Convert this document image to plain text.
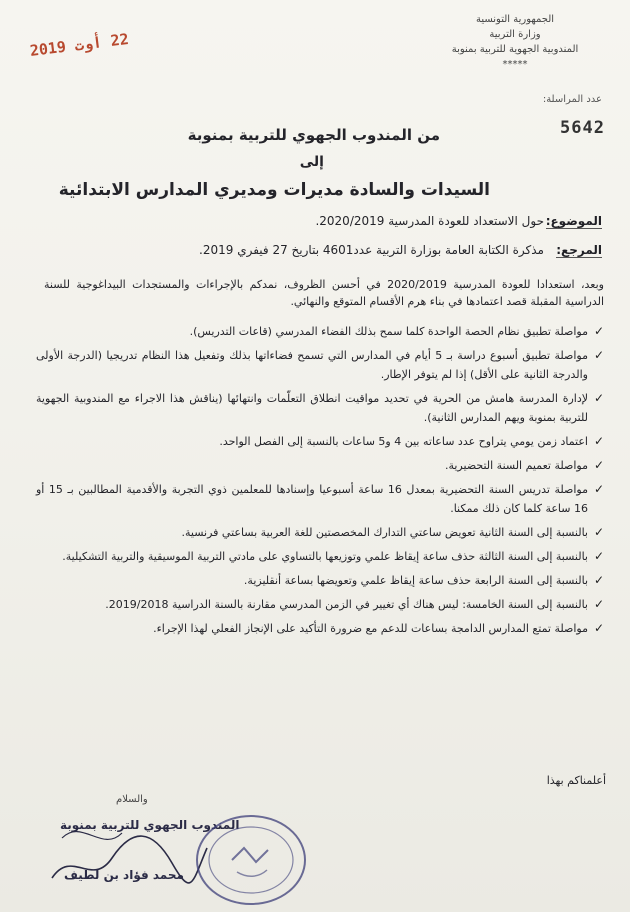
الجمهورية التونسية
وزارة التربية
المندوبية الجهوية للتربية بمنوبة
*****
عدد المراسلة:
22 أوت 2019
5642
من المندوب الجهوي للتربية بمنوبة
إلى
السيدات والسادة مديرات ومديري المدارس الابتدائية
الموضوع:
حول الاستعداد للعودة المدرسية 2020/2019.
المرجع:
مذكرة الكتابة العامة بوزارة التربية عدد4601 بتاريخ 27 فيفري 2019.
وبعد، استعدادا للعودة المدرسية 2020/2019 في أحسن الظروف، نمدكم بالإجراءات والمستجدات البيداغوجية للسنة الدراسية المقبلة قصد اعتمادها في بناء هرم الأقسام المتوقع والنهائي.
✓
مواصلة تطبيق نظام الحصة الواحدة كلما سمح بذلك الفضاء المدرسي (قاعات التدريس).
✓
مواصلة تطبيق أسبوع دراسة بـ 5 أيام في المدارس التي تسمح فضاءاتها بذلك وتفعيل هذا النظام تدريجيا (الدرجة الأولى والدرجة الثانية على الأقل) إذا لم يتوفر الإطار.
✓
لإدارة المدرسة هامش من الحرية في تحديد مواقيت انطلاق التعلّمات وانتهائها (يناقش هذا الاجراء مع المندوبية الجهوية للتربية بمنوبة ويهم المدارس الثانية).
✓
اعتماد زمن يومي يتراوح عدد ساعاته بين 4 و5 ساعات بالنسبة إلى الفصل الواحد.
✓
مواصلة تعميم السنة التحضيرية.
✓
مواصلة تدريس السنة التحضيرية بمعدل 16 ساعة أسبوعيا وإسنادها للمعلمين ذوي التجربة والأقدمية المطالبين بـ 15 أو 16 ساعة كلما كان ذلك ممكنا.
✓
بالنسبة إلى السنة الثانية تعويض ساعتي التدارك المخصصتين للغة العربية بساعتي فرنسية.
✓
بالنسبة إلى السنة الثالثة حذف ساعة إيقاظ علمي وتوزيعها بالتساوي على مادتي التربية الموسيقية والتربية التشكيلية.
✓
بالنسبة إلى السنة الرابعة حذف ساعة إيقاظ علمي وتعويضها بساعة أنقليزية.
✓
بالنسبة إلى السنة الخامسة: ليس هناك أي تغيير في الزمن المدرسي مقارنة بالسنة الدراسية 2019/2018.
✓
مواصلة تمتع المدارس الدامجة بساعات للدعم مع ضرورة التأكيد على الإنجاز الفعلي لهذا الإجراء.
أعلمناكم بهذا
والسلام
المندوب الجهوي للتربية بمنوبة
محمد فؤاد بن لطيف
